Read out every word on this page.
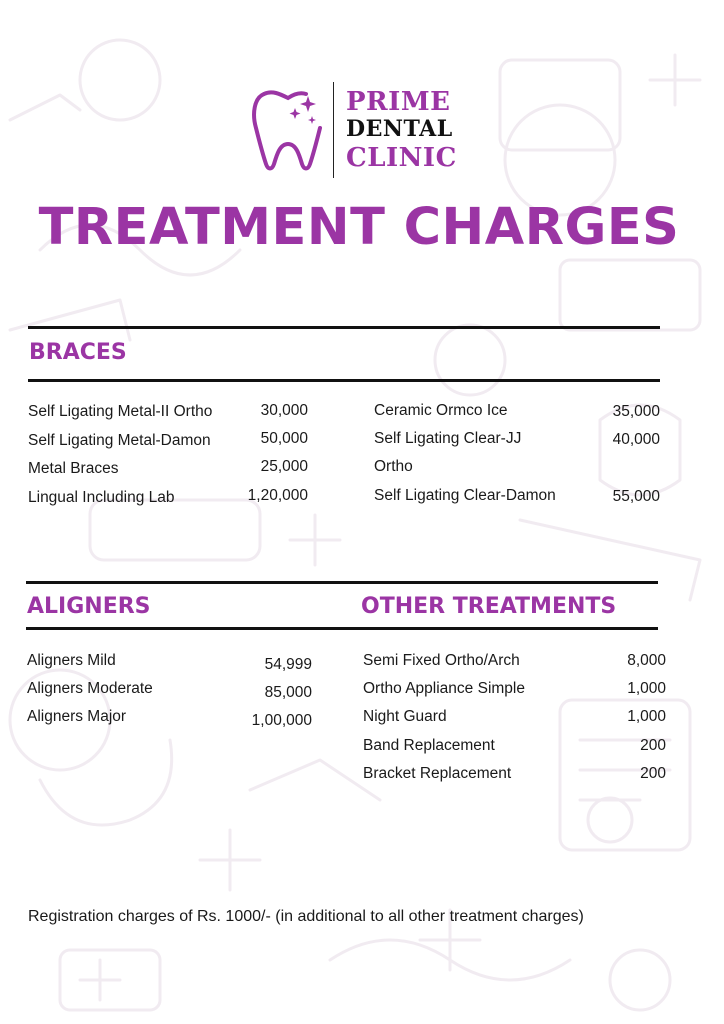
PRIME
DENTAL
CLINIC
TREATMENT CHARGES
BRACES
Self Ligating Metal-II Ortho	30,000
Self Ligating Metal-Damon	50,000
Metal Braces	25,000
Lingual Including Lab	1,20,000
Ceramic Ormco Ice	35,000
Self Ligating Clear-JJ
Ortho
40,000
Self Ligating Clear-Damon	55,000
ALIGNERS	OTHER TREATMENTS
Aligners Mild	54,999
Aligners Moderate	85,000
Aligners Major	1,00,000
Semi Fixed Ortho/Arch	8,000
Ortho Appliance Simple	1,000
Night Guard	1,000
Band Replacement	200
Bracket Replacement	200
Registration charges of Rs. 1000/- (in additional to all other treatment charges)
